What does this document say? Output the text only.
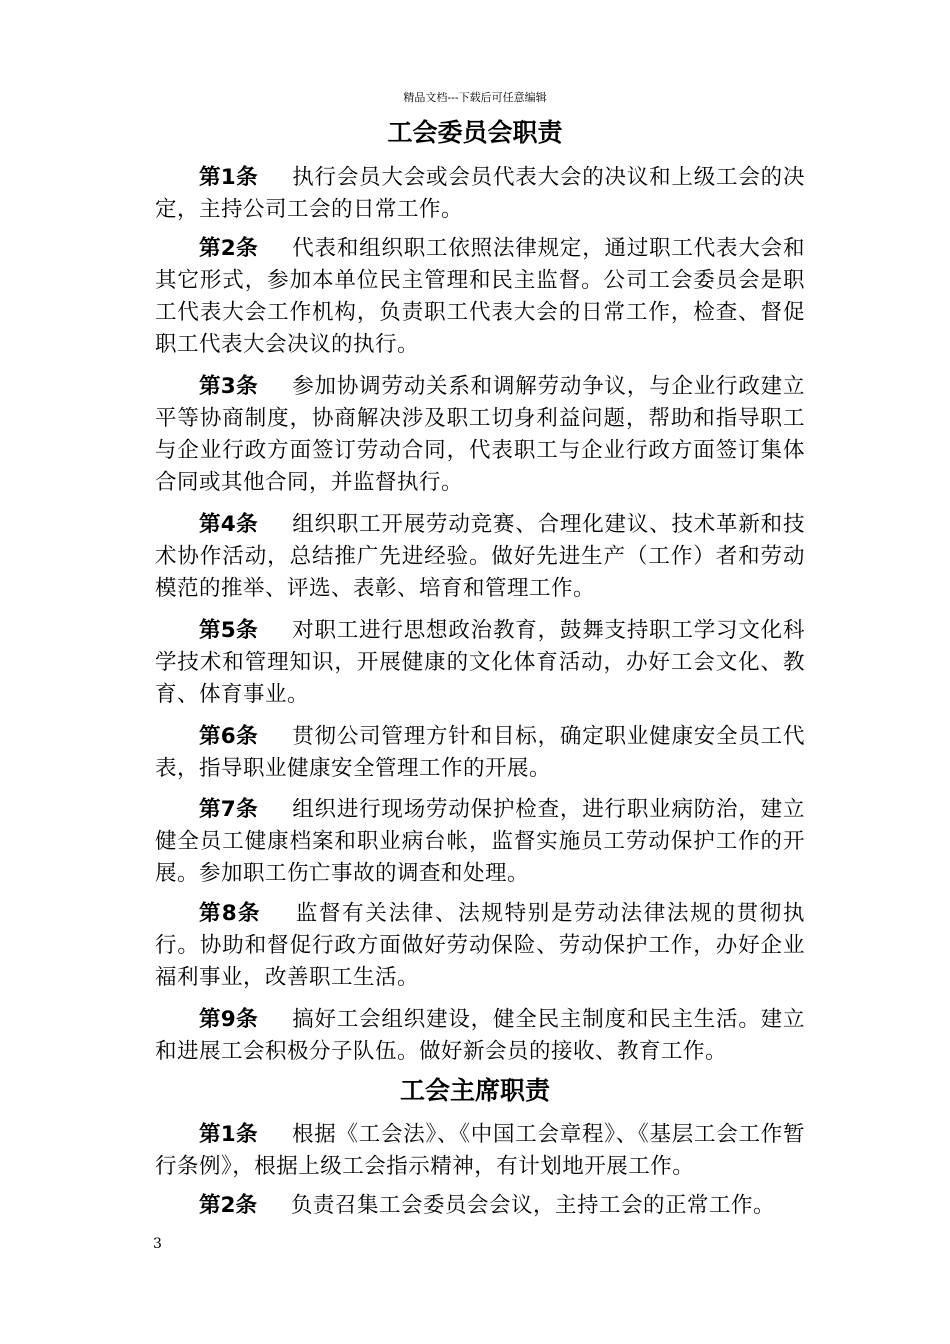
精品文档---下载后可任意编辑
工会委员会职责
第1条 执行会员大会或会员代表大会的决议和上级工会的决定，主持公司工会的日常工作。
第2条 代表和组织职工依照法律规定，通过职工代表大会和其它形式，参加本单位民主管理和民主监督。公司工会委员会是职工代表大会工作机构，负责职工代表大会的日常工作，检查、督促职工代表大会决议的执行。
第3条 参加协调劳动关系和调解劳动争议，与企业行政建立平等协商制度，协商解决涉及职工切身利益问题，帮助和指导职工与企业行政方面签订劳动合同，代表职工与企业行政方面签订集体合同或其他合同，并监督执行。
第4条 组织职工开展劳动竞赛、合理化建议、技术革新和技术协作活动，总结推广先进经验。做好先进生产（工作）者和劳动模范的推举、评选、表彰、培育和管理工作。
第5条 对职工进行思想政治教育，鼓舞支持职工学习文化科学技术和管理知识，开展健康的文化体育活动，办好工会文化、教育、体育事业。
第6条 贯彻公司管理方针和目标，确定职业健康安全员工代表，指导职业健康安全管理工作的开展。
第7条 组织进行现场劳动保护检查，进行职业病防治，建立健全员工健康档案和职业病台帐，监督实施员工劳动保护工作的开展。参加职工伤亡事故的调查和处理。
第8条 监督有关法律、法规特别是劳动法律法规的贯彻执行。协助和督促行政方面做好劳动保险、劳动保护工作，办好企业福利事业，改善职工生活。
第9条 搞好工会组织建设，健全民主制度和民主生活。建立和进展工会积极分子队伍。做好新会员的接收、教育工作。
工会主席职责
第1条 根据《工会法》、《中国工会章程》、《基层工会工作暂行条例》，根据上级工会指示精神，有计划地开展工作。
第2条 负责召集工会委员会会议，主持工会的正常工作。
3
